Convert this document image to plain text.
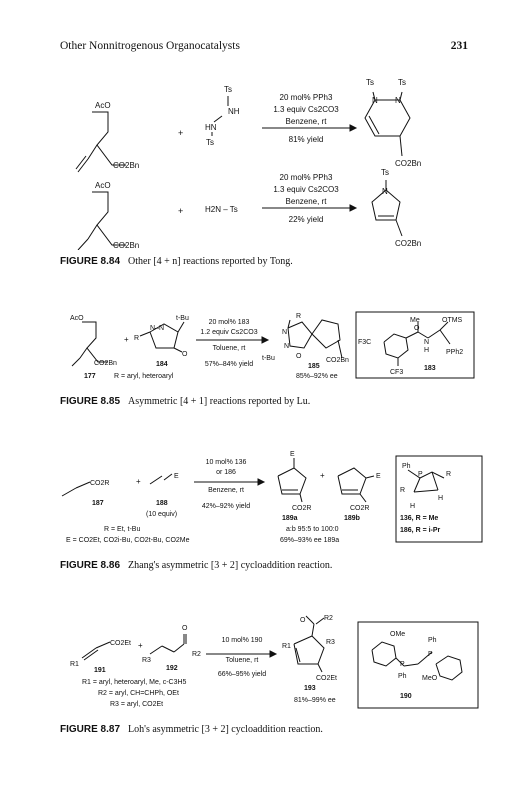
Other Nonnitrogenous Organocatalysts	231
AcO
CO2Bn
+
Ts
NH
HN
Ts
20 mol% PPh3
1.3 equiv Cs2CO3
Benzene, rt
81% yield
Ts	Ts
N N
CO2Bn
AcO
CO2Bn
+	H2N – Ts
20 mol% PPh3
1.3 equiv Cs2CO3
Benzene, rt
22% yield
Ts
N
CO2Bn
FIGURE 8.84 Other [4 + n] reactions reported by Tong.
AcO
CO2Bn
177
+
t-Bu
N–N
R
O
184
R = aryl, heteroaryl
20 mol% 183
1.2 equiv Cs2CO3
Toluene, rt
57%–84% yield
R
N
N
t-Bu	O
CO2Bn
185
85%–92% ee
Me	OTMS
F3C
O
N
H PPh2
CF3
183
FIGURE 8.85 Asymmetric [4 + 1] reactions reported by Lu.
CO2R
187
+
E
188
(10 equiv)
10 mol% 136
or 186
Benzene, rt
42%–92% yield
E
CO2R
189a
+	E
CO2R
189b
a:b 95:5 to 100:0
69%–93% ee 189a
R = Et, t-Bu
E = CO2Et, CO2i-Bu, CO2t-Bu, CO2Me
Ph
P	R
R
H
H
136, R = Me
186, R = i-Pr
FIGURE 8.86 Zhang's asymmetric [3 + 2] cycloaddition reaction.
CO2Et
R1
191
+
O
R3
R2
192
10 mol% 190
Toluene, rt
66%–95% yield
O	R2
R1
R3
CO2Et
193
81%–99% ee
R1 = aryl, heteroaryl, Me, c-C3H5
R2 = aryl, CH=CHPh, OEt
R3 = aryl, CO2Et
OMe
Ph
P
P
Ph MeO
190
FIGURE 8.87 Loh's asymmetric [3 + 2] cycloaddition reaction.
